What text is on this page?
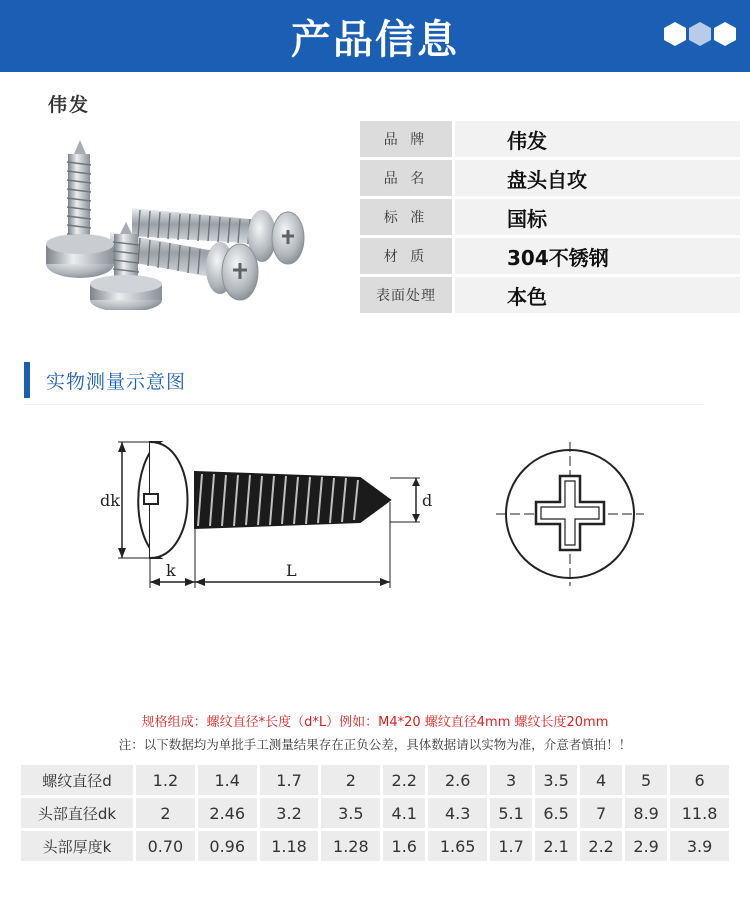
产品信息
伟发
品 牌	伟发
品 名	盘头自攻
标 准	国标
材 质	304不锈钢
表面处理	本色
实物测量示意图
dk	d
k	L
规格组成：螺纹直径*长度（d*L）例如：M4*20 螺纹直径4mm 螺纹长度20mm
注：以下数据均为单批手工测量结果存在正负公差，具体数据请以实物为准，介意者慎拍！！
螺纹直径d	1.2	1.4	1.7	2	2.2	2.6	3	3.5	4	5	6
头部直径dk	2	2.46	3.2	3.5	4.1	4.3	5.1	6.5	7	8.9	11.8
头部厚度k	0.70	0.96	1.18	1.28	1.6	1.65	1.7	2.1	2.2	2.9	3.9
